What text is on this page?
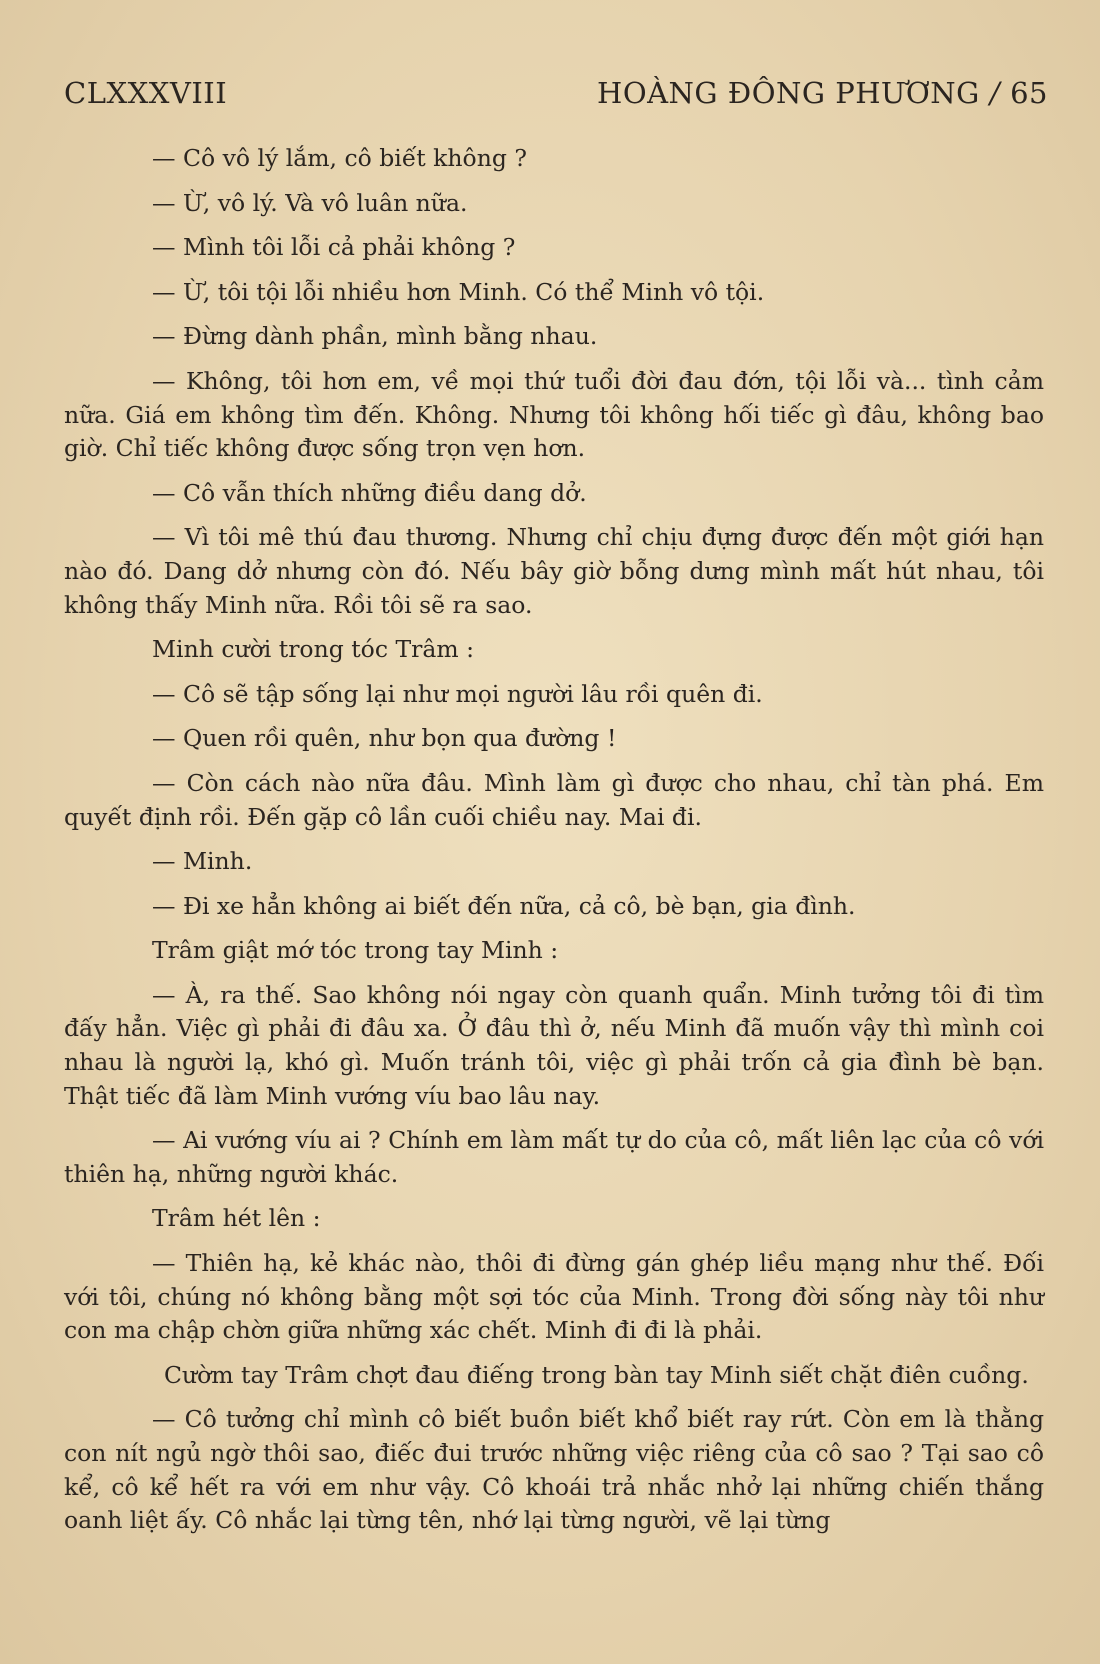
CLXXXVIII	HOÀNG ĐÔNG PHƯƠNG / 65

— Cô vô lý lắm, cô biết không ?

— Ừ, vô lý. Và vô luân nữa.

— Mình tôi lỗi cả phải không ?

— Ừ, tôi tội lỗi nhiều hơn Minh. Có thể Minh vô tội.

— Đừng dành phần, mình bằng nhau.

— Không, tôi hơn em, về mọi thứ tuổi đời đau đớn, tội lỗi và... tình cảm nữa. Giá em không tìm đến. Không. Nhưng tôi không hối tiếc gì đâu, không bao giờ. Chỉ tiếc không được sống trọn vẹn hơn.

— Cô vẫn thích những điều dang dở.

— Vì tôi mê thú đau thương. Nhưng chỉ chịu đựng được đến một giới hạn nào đó. Dang dở nhưng còn đó. Nếu bây giờ bỗng dưng mình mất hút nhau, tôi không thấy Minh nữa. Rồi tôi sẽ ra sao.

Minh cười trong tóc Trâm :

— Cô sẽ tập sống lại như mọi người lâu rồi quên đi.

— Quen rồi quên, như bọn qua đường !

— Còn cách nào nữa đâu. Mình làm gì được cho nhau, chỉ tàn phá. Em quyết định rồi. Đến gặp cô lần cuối chiều nay. Mai đi.

— Minh.

— Đi xe hẳn không ai biết đến nữa, cả cô, bè bạn, gia đình.

Trâm giật mớ tóc trong tay Minh :

— À, ra thế. Sao không nói ngay còn quanh quẩn. Minh tưởng tôi đi tìm đấy hẳn. Việc gì phải đi đâu xa. Ở đâu thì ở, nếu Minh đã muốn vậy thì mình coi nhau là người lạ, khó gì. Muốn tránh tôi, việc gì phải trốn cả gia đình bè bạn. Thật tiếc đã làm Minh vướng víu bao lâu nay.

— Ai vướng víu ai ? Chính em làm mất tự do của cô, mất liên lạc của cô với thiên hạ, những người khác.

Trâm hét lên :

— Thiên hạ, kẻ khác nào, thôi đi đừng gán ghép liều mạng như thế. Đối với tôi, chúng nó không bằng một sợi tóc của Minh. Trong đời sống này tôi như con ma chập chờn giữa những xác chết. Minh đi đi là phải.

Cườm tay Trâm chợt đau điếng trong bàn tay Minh siết chặt điên cuồng.

— Cô tưởng chỉ mình cô biết buồn biết khổ biết ray rứt. Còn em là thằng con nít ngủ ngờ thôi sao, điếc đui trước những việc riêng của cô sao ? Tại sao cô kể, cô kể hết ra với em như vậy. Cô khoái trả nhắc nhở lại những chiến thắng oanh liệt ấy. Cô nhắc lại từng tên, nhớ lại từng người, vẽ lại từng
